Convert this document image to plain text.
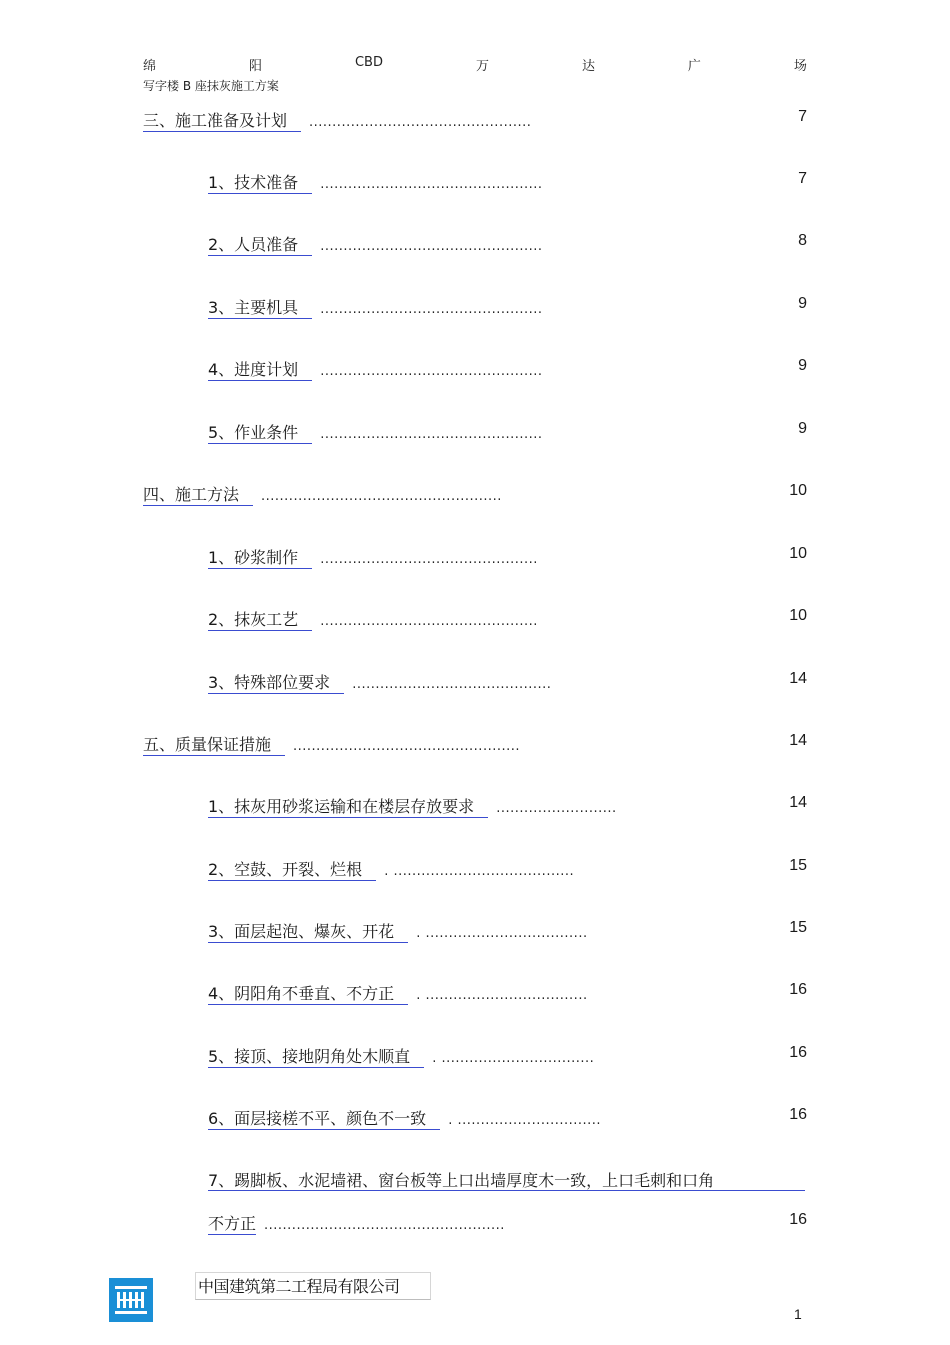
绵	阳	CBD	万	达	广	场
写字楼 B 座抹灰施工方案
三、施工准备及计划	................................................	7
1、技术准备	................................................	7
2、人员准备	................................................	8
3、主要机具	................................................	9
4、进度计划	................................................	9
5、作业条件	................................................	9
四、施工方法	....................................................	10
1、砂浆制作	...............................................	10
2、抹灰工艺	...............................................	10
3、特殊部位要求	...........................................	14
五、质量保证措施	.................................................	14
1、抹灰用砂浆运输和在楼层存放要求	..........................	14
2、空鼓、开裂、烂根	. .......................................	15
3、面层起泡、爆灰、开花	. ...................................	15
4、阴阳角不垂直、不方正	. ...................................	16
5、接顶、接地阴角处木顺直	. .................................	16
6、面层接槎不平、颜色不一致	. ...............................	16
7、踢脚板、水泥墙裙、窗台板等上口出墙厚度木一致，上口毛刺和口角
不方正 ....................................................	16
中国建筑第二工程局有限公司
1
